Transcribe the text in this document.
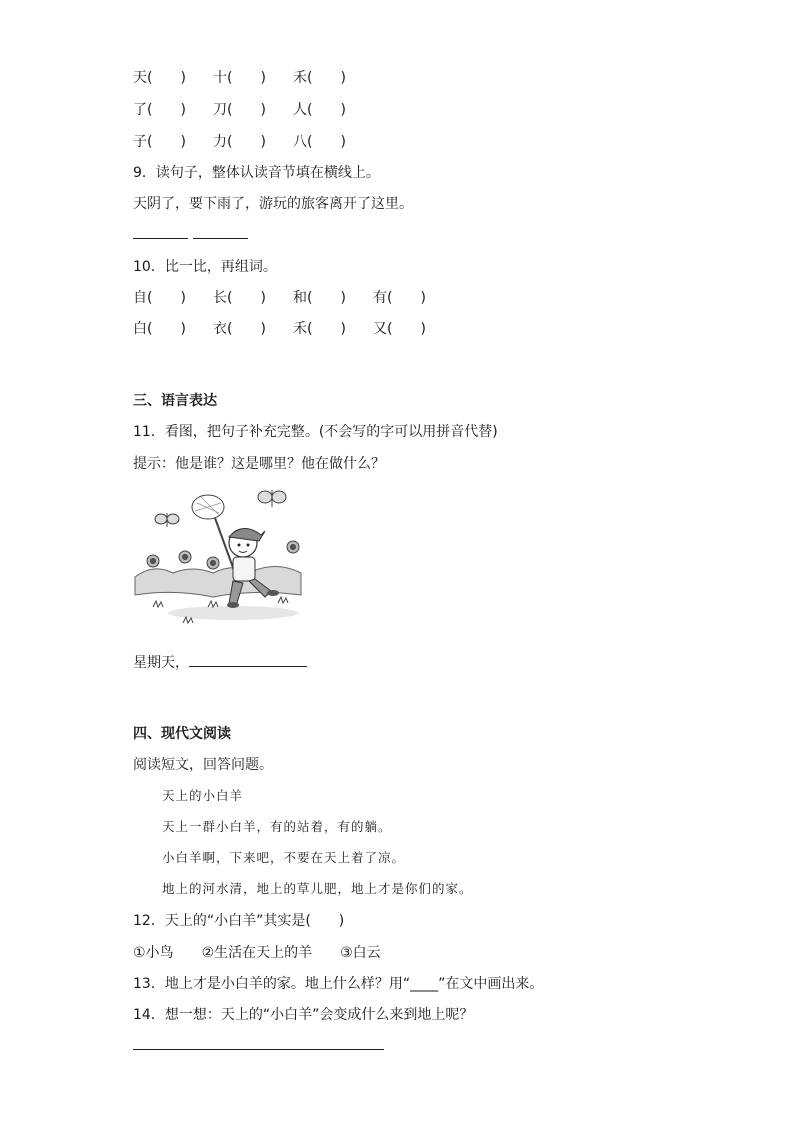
天(　　)	十(　　)	禾(　　)
了(　　)	刀(　　)	人(　　)
子(　　)	力(　　)	八(　　)
9．读句子，整体认读音节填在横线上。
天阴了，要下雨了，游玩的旅客离开了这里。
10．比一比，再组词。
自(　　)	长(　　)	和(　　)	有(　　)
白(　　)	衣(　　)	禾(　　)	又(　　)
三、语言表达
11．看图，把句子补充完整。(不会写的字可以用拼音代替)
提示：他是谁？这是哪里？他在做什么？
星期天，
四、现代文阅读
阅读短文，回答问题。
天上的小白羊
天上一群小白羊，有的站着，有的躺。
小白羊啊，下来吧，不要在天上着了凉。
地上的河水清，地上的草儿肥，地上才是你们的家。
12．天上的“小白羊”其实是(　　)
①小鸟 ②生活在天上的羊 ③白云
13．地上才是小白羊的家。地上什么样？用“____”在文中画出来。
14．想一想：天上的“小白羊”会变成什么来到地上呢？
